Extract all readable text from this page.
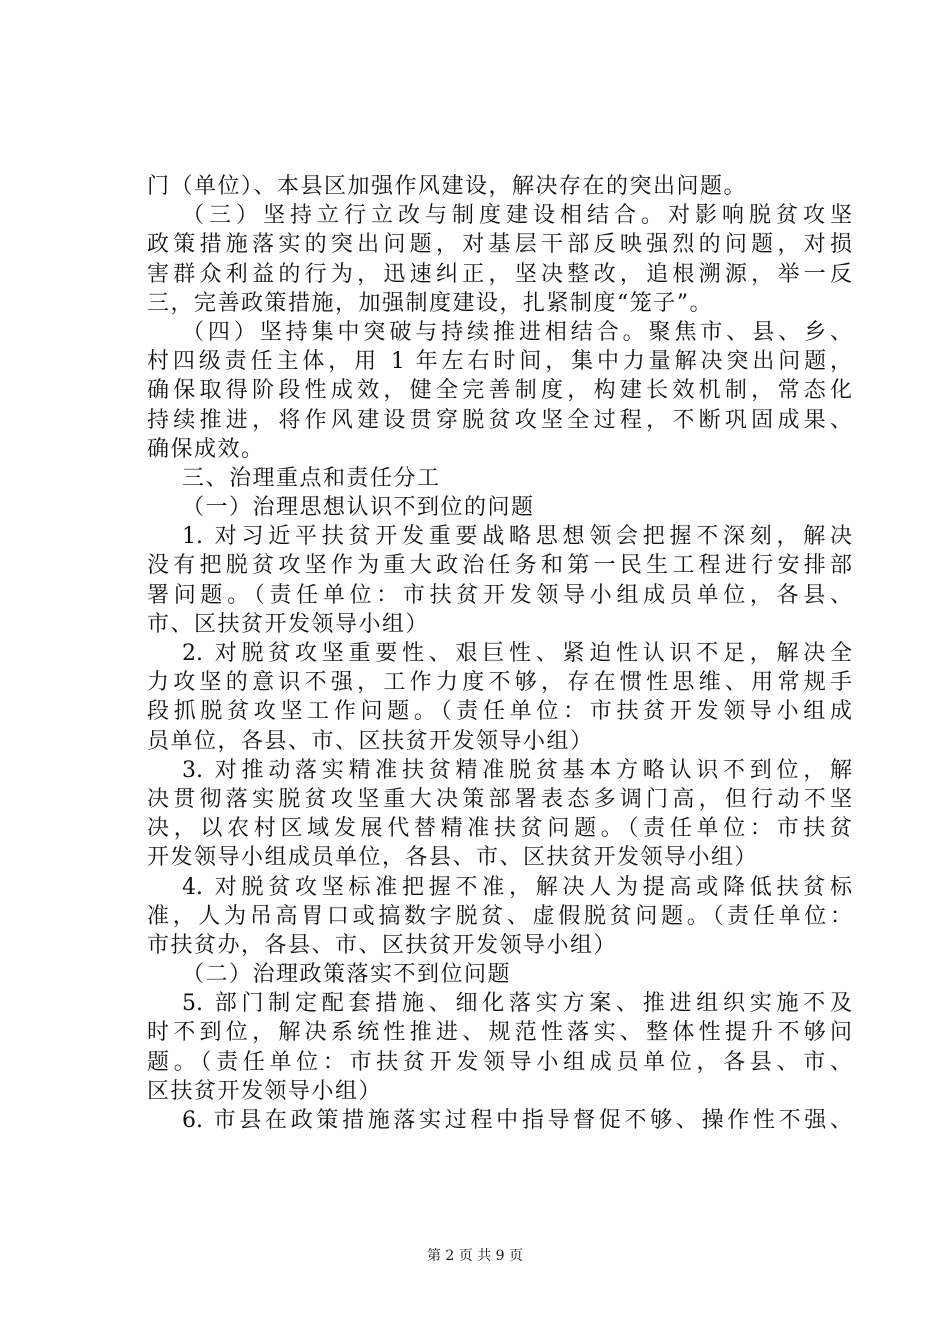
门（单位）、本县区加强作风建设，解决存在的突出问题。
（三）坚持立行立改与制度建设相结合。对影响脱贫攻坚
政策措施落实的突出问题，对基层干部反映强烈的问题，对损
害群众利益的行为，迅速纠正，坚决整改，追根溯源，举一反
三，完善政策措施，加强制度建设，扎紧制度“笼子”。
（四）坚持集中突破与持续推进相结合。聚焦市、县、乡、
村四级责任主体，用 1 年左右时间，集中力量解决突出问题，
确保取得阶段性成效，健全完善制度，构建长效机制，常态化
持续推进，将作风建设贯穿脱贫攻坚全过程，不断巩固成果、
确保成效。
三、治理重点和责任分工
（一）治理思想认识不到位的问题
1. 对习近平扶贫开发重要战略思想领会把握不深刻，解决
没有把脱贫攻坚作为重大政治任务和第一民生工程进行安排部
署问题。（责任单位：市扶贫开发领导小组成员单位，各县、
市、区扶贫开发领导小组）
2. 对脱贫攻坚重要性、艰巨性、紧迫性认识不足，解决全
力攻坚的意识不强，工作力度不够，存在惯性思维、用常规手
段抓脱贫攻坚工作问题。（责任单位：市扶贫开发领导小组成
员单位，各县、市、区扶贫开发领导小组）
3. 对推动落实精准扶贫精准脱贫基本方略认识不到位，解
决贯彻落实脱贫攻坚重大决策部署表态多调门高，但行动不坚
决，以农村区域发展代替精准扶贫问题。（责任单位：市扶贫
开发领导小组成员单位，各县、市、区扶贫开发领导小组）
4. 对脱贫攻坚标准把握不准，解决人为提高或降低扶贫标
准，人为吊高胃口或搞数字脱贫、虚假脱贫问题。（责任单位：
市扶贫办，各县、市、区扶贫开发领导小组）
（二）治理政策落实不到位问题
5. 部门制定配套措施、细化落实方案、推进组织实施不及
时不到位，解决系统性推进、规范性落实、整体性提升不够问
题。（责任单位：市扶贫开发领导小组成员单位，各县、市、
区扶贫开发领导小组）
6. 市县在政策措施落实过程中指导督促不够、操作性不强、
第 2 页 共 9 页
